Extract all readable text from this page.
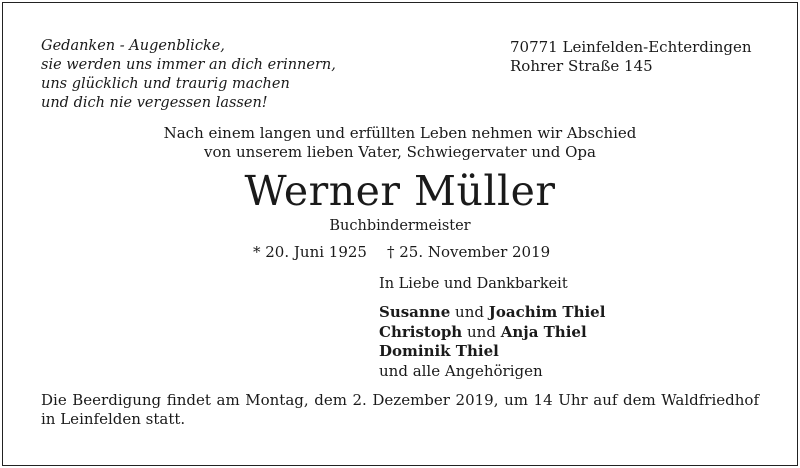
Gedanken - Augenblicke,
sie werden uns immer an dich erinnern,
uns glücklich und traurig machen
und dich nie vergessen lassen!
70771 Leinfelden-Echterdingen
Rohrer Straße 145
Nach einem langen und erfüllten Leben nehmen wir Abschied
von unserem lieben Vater, Schwiegervater und Opa
Werner Müller
Buchbindermeister
* 20. Juni 1925 † 25. November 2019
In Liebe und Dankbarkeit
Susanne und Joachim Thiel
Christoph und Anja Thiel
Dominik Thiel
und alle Angehörigen
Die Beerdigung findet am Montag, dem 2. Dezember 2019, um 14 Uhr auf dem Waldfriedhof
in Leinfelden statt.
